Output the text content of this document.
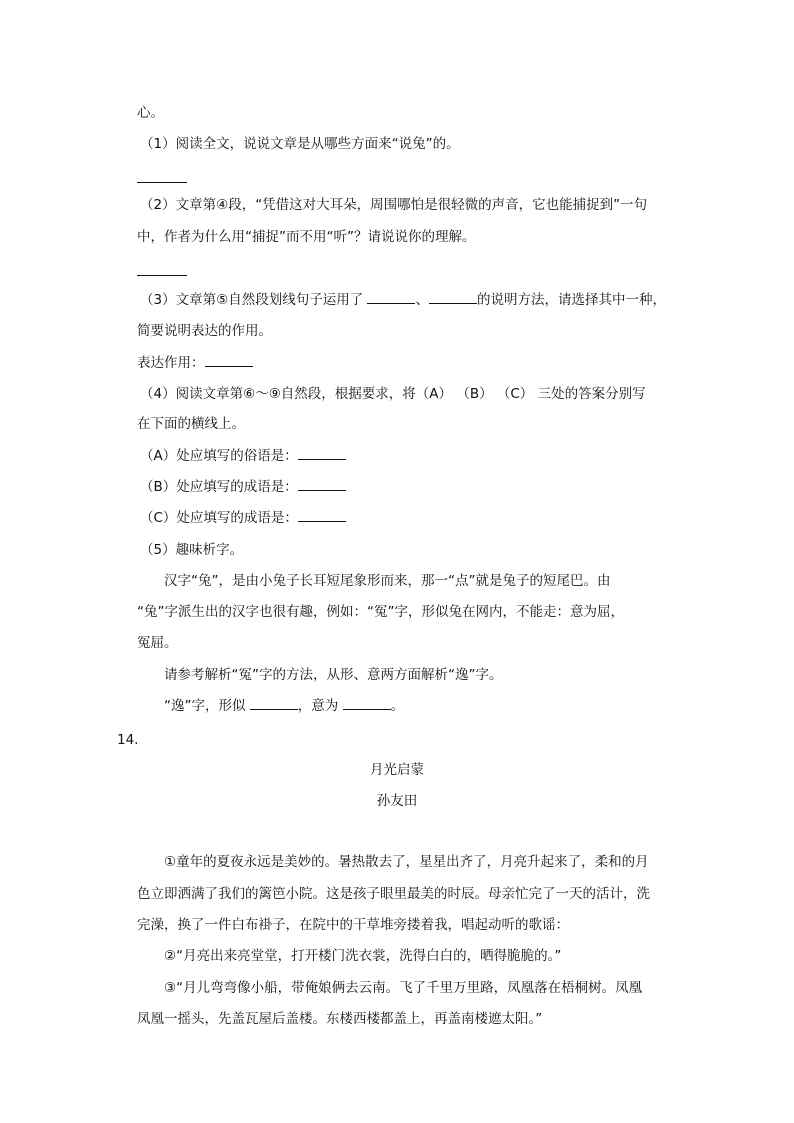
心。
（1）阅读全文，说说文章是从哪些方面来“说兔”的。
（2）文章第④段，“凭借这对大耳朵，周围哪怕是很轻微的声音，它也能捕捉到”一句
中，作者为什么用“捕捉”而不用“听”？请说说你的理解。
（3）文章第⑤自然段划线句子运用了	、	的说明方法，请选择其中一种，
简要说明表达的作用。
表达作用：
（4）阅读文章第⑥～⑨自然段，根据要求，将（A） （B） （C） 三处的答案分别写
在下面的横线上。
（A）处应填写的俗语是：
（B）处应填写的成语是：
（C）处应填写的成语是：
（5）趣味析字。
汉字“兔”，是由小兔子长耳短尾象形而来，那一“点”就是兔子的短尾巴。由
“兔”字派生出的汉字也很有趣，例如：“冤”字，形似兔在网内，不能走：意为屈，
冤屈。
请参考解析“冤”字的方法，从形、意两方面解析“逸”字。
“逸”字，形似	，意为	。
14.
月光启蒙
孙友田
①童年的夏夜永远是美妙的。暑热散去了，星星出齐了，月亮升起来了，柔和的月
色立即洒满了我们的篱笆小院。这是孩子眼里最美的时辰。母亲忙完了一天的活计，洗
完澡，换了一件白布褂子，在院中的干草堆旁搂着我，唱起动听的歌谣：
②“月亮出来亮堂堂，打开楼门洗衣裳，洗得白白的，晒得脆脆的。”
③“月儿弯弯像小船，带俺娘俩去云南。飞了千里万里路，凤凰落在梧桐树。凤凰
凤凰一摇头，先盖瓦屋后盖楼。东楼西楼都盖上，再盖南楼遮太阳。”
